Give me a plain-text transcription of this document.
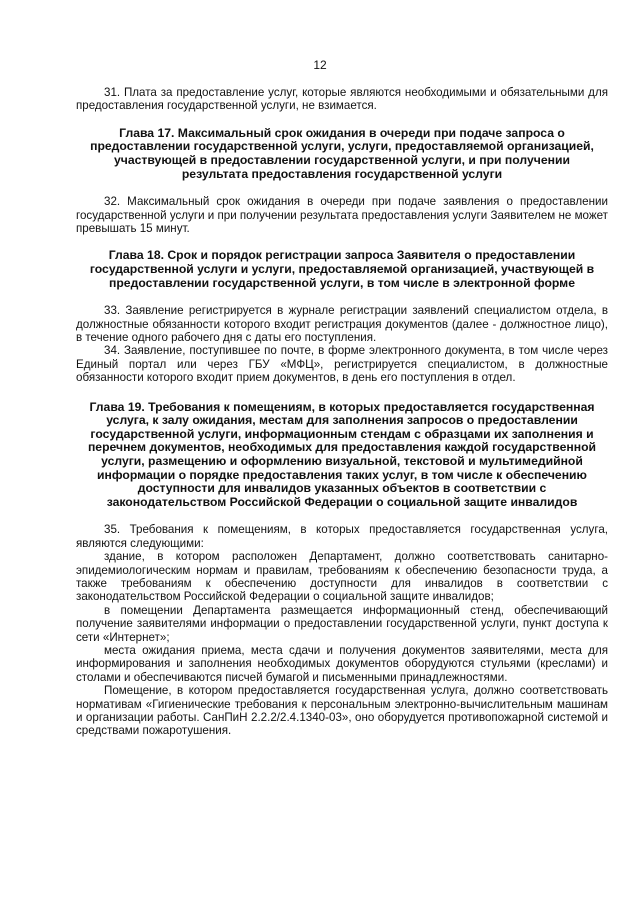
12

31. Плата за предоставление услуг, которые являются необходимыми и обязательными для предоставления государственной услуги, не взимается.

Глава 17. Максимальный срок ожидания в очереди при подаче запроса о предоставлении государственной услуги, услуги, предоставляемой организацией, участвующей в предоставлении государственной услуги, и при получении результата предоставления государственной услуги

32. Максимальный срок ожидания в очереди при подаче заявления о предоставлении государственной услуги и при получении результата предоставления услуги Заявителем не может превышать 15 минут.

Глава 18. Срок и порядок регистрации запроса Заявителя о предоставлении государственной услуги и услуги, предоставляемой организацией, участвующей в предоставлении государственной услуги, в том числе в электронной форме

33. Заявление регистрируется в журнале регистрации заявлений специалистом отдела, в должностные обязанности которого входит регистрация документов (далее - должностное лицо), в течение одного рабочего дня с даты его поступления.

34. Заявление, поступившее по почте, в форме электронного документа, в том числе через Единый портал или через ГБУ «МФЦ», регистрируется специалистом, в должностные обязанности которого входит прием документов, в день его поступления в отдел.

Глава 19. Требования к помещениям, в которых предоставляется государственная услуга, к залу ожидания, местам для заполнения запросов о предоставлении государственной услуги, информационным стендам с образцами их заполнения и перечнем документов, необходимых для предоставления каждой государственной услуги, размещению и оформлению визуальной, текстовой и мультимедийной информации о порядке предоставления таких услуг, в том числе к обеспечению доступности для инвалидов указанных объектов в соответствии с законодательством Российской Федерации о социальной защите инвалидов

35. Требования к помещениям, в которых предоставляется государственная услуга, являются следующими:

здание, в котором расположен Департамент, должно соответствовать санитарно-эпидемиологическим нормам и правилам, требованиям к обеспечению безопасности труда, а также требованиям к обеспечению доступности для инвалидов в соответствии с законодательством Российской Федерации о социальной защите инвалидов;

в помещении Департамента размещается информационный стенд, обеспечивающий получение заявителями информации о предоставлении государственной услуги, пункт доступа к сети «Интернет»;

места ожидания приема, места сдачи и получения документов заявителями, места для информирования и заполнения необходимых документов оборудуются стульями (креслами) и столами и обеспечиваются писчей бумагой и письменными принадлежностями.

Помещение, в котором предоставляется государственная услуга, должно соответствовать нормативам «Гигиенические требования к персональным электронно-вычислительным машинам и организации работы. СанПиН 2.2.2/2.4.1340-03», оно оборудуется противопожарной системой и средствами пожаротушения.
